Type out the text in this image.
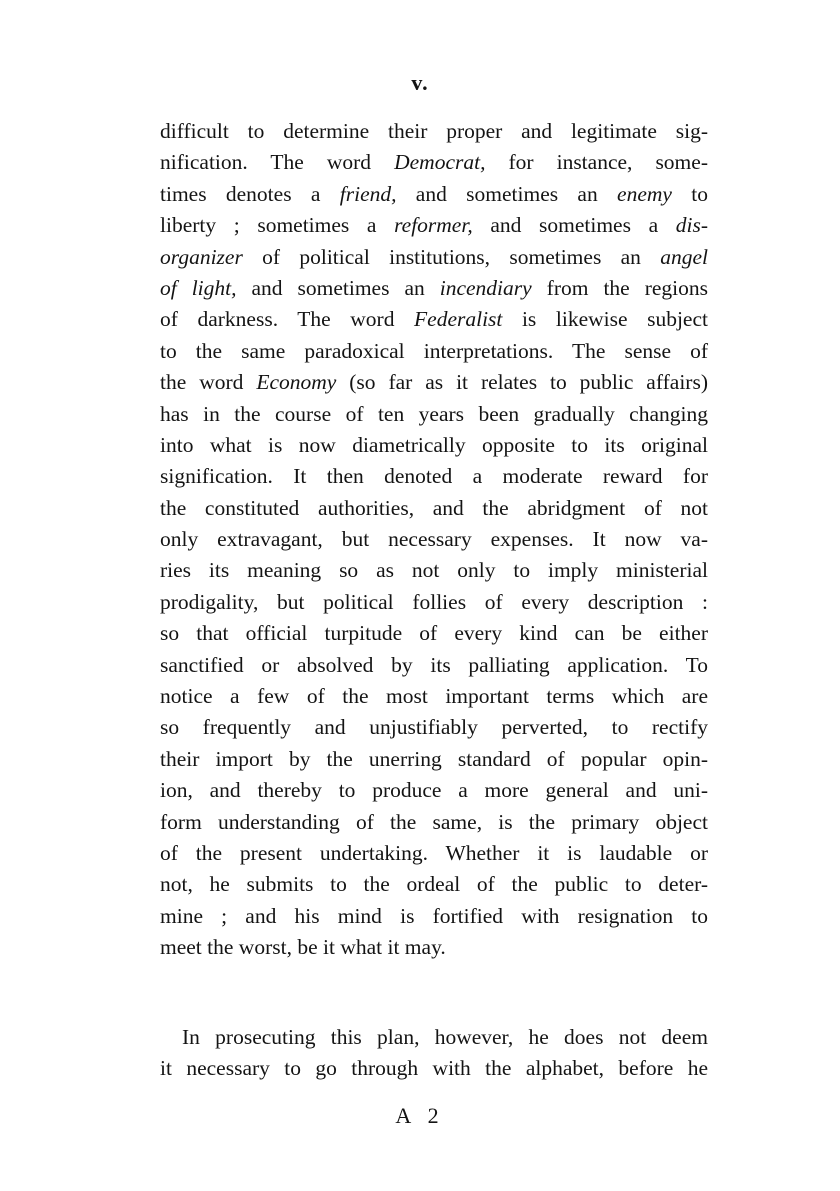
v.
difficult to determine their proper and legitimate sig-
nification. The word Democrat, for instance, some-
times denotes a friend, and sometimes an enemy to
liberty ; sometimes a reformer, and sometimes a dis-
organizer of political institutions, sometimes an angel
of light, and sometimes an incendiary from the regions
of darkness. The word Federalist is likewise subject
to the same paradoxical interpretations. The sense of
the word Economy (so far as it relates to public affairs)
has in the course of ten years been gradually changing
into what is now diametrically opposite to its original
signification. It then denoted a moderate reward for
the constituted authorities, and the abridgment of not
only extravagant, but necessary expenses. It now va-
ries its meaning so as not only to imply ministerial
prodigality, but political follies of every description :
so that official turpitude of every kind can be either
sanctified or absolved by its palliating application. To
notice a few of the most important terms which are
so frequently and unjustifiably perverted, to rectify
their import by the unerring standard of popular opin-
ion, and thereby to produce a more general and uni-
form understanding of the same, is the primary object
of the present undertaking. Whether it is laudable or
not, he submits to the ordeal of the public to deter-
mine ; and his mind is fortified with resignation to
meet the worst, be it what it may.
In prosecuting this plan, however, he does not deem
it necessary to go through with the alphabet, before he
A 2
